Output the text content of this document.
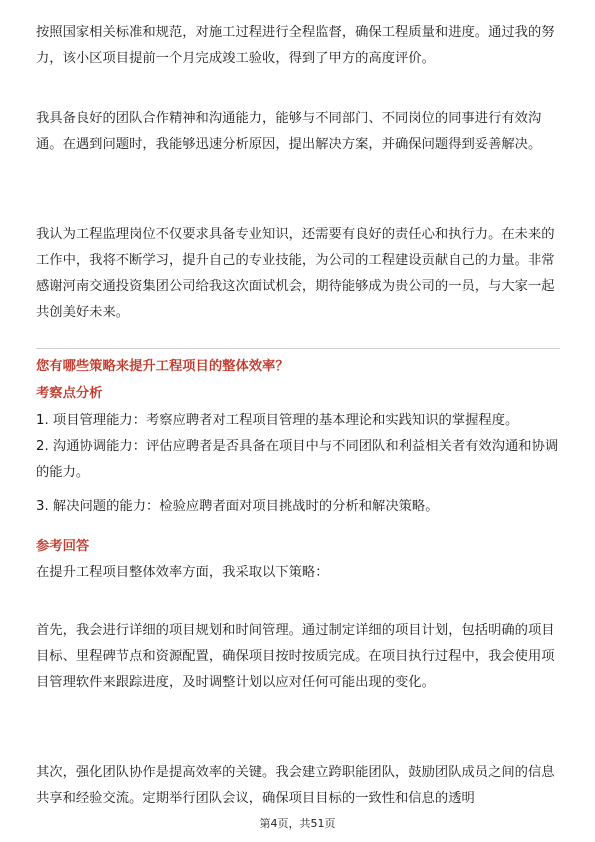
按照国家相关标准和规范，对施工过程进行全程监督，确保工程质量和进度。通过我的努力，该小区项目提前一个月完成竣工验收，得到了甲方的高度评价。

我具备良好的团队合作精神和沟通能力，能够与不同部门、不同岗位的同事进行有效沟通。在遇到问题时，我能够迅速分析原因，提出解决方案，并确保问题得到妥善解决。

我认为工程监理岗位不仅要求具备专业知识，还需要有良好的责任心和执行力。在未来的工作中，我将不断学习，提升自己的专业技能，为公司的工程建设贡献自己的力量。非常感谢河南交通投资集团公司给我这次面试机会，期待能够成为贵公司的一员，与大家一起共创美好未来。

您有哪些策略来提升工程项目的整体效率？

考察点分析

1. 项目管理能力：考察应聘者对工程项目管理的基本理论和实践知识的掌握程度。

2. 沟通协调能力：评估应聘者是否具备在项目中与不同团队和利益相关者有效沟通和协调的能力。

3. 解决问题的能力：检验应聘者面对项目挑战时的分析和解决策略。

参考回答

在提升工程项目整体效率方面，我采取以下策略：

首先，我会进行详细的项目规划和时间管理。通过制定详细的项目计划，包括明确的项目目标、里程碑节点和资源配置，确保项目按时按质完成。在项目执行过程中，我会使用项目管理软件来跟踪进度，及时调整计划以应对任何可能出现的变化。

其次，强化团队协作是提高效率的关键。我会建立跨职能团队，鼓励团队成员之间的信息共享和经验交流。定期举行团队会议，确保项目目标的一致性和信息的透明

第4页，共51页
